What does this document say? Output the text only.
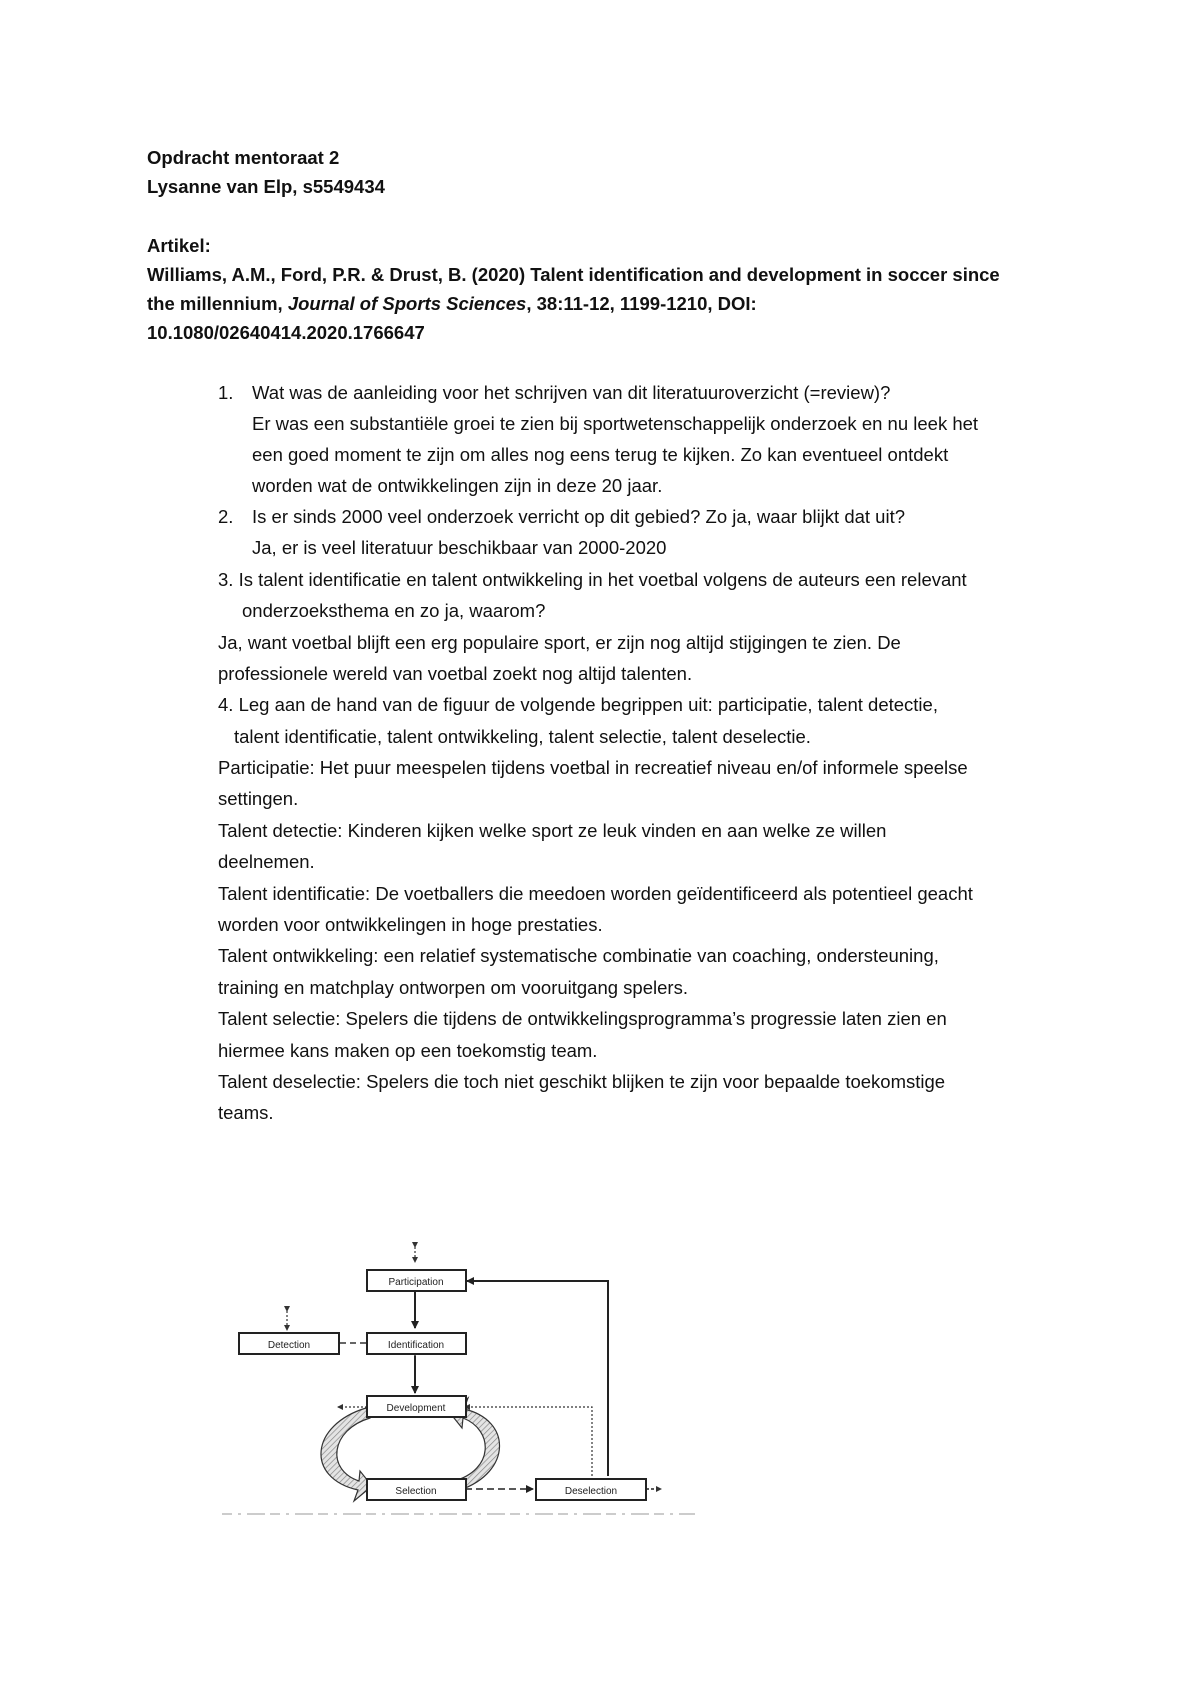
Opdracht mentoraat 2
Lysanne van Elp, s5549434
Artikel:
Williams, A.M., Ford, P.R. & Drust, B. (2020) Talent identification and development in soccer since
the millennium, Journal of Sports Sciences, 38:11-12, 1199-1210, DOI:
10.1080/02640414.2020.1766647
1. Wat was de aanleiding voor het schrijven van dit literatuuroverzicht (=review)?
Er was een substantiële groei te zien bij sportwetenschappelijk onderzoek en nu leek het
een goed moment te zijn om alles nog eens terug te kijken. Zo kan eventueel ontdekt
worden wat de ontwikkelingen zijn in deze 20 jaar.
2. Is er sinds 2000 veel onderzoek verricht op dit gebied? Zo ja, waar blijkt dat uit?
Ja, er is veel literatuur beschikbaar van 2000-2020
3. Is talent identificatie en talent ontwikkeling in het voetbal volgens de auteurs een relevant
onderzoeksthema en zo ja, waarom?
Ja, want voetbal blijft een erg populaire sport, er zijn nog altijd stijgingen te zien. De
professionele wereld van voetbal zoekt nog altijd talenten.
4. Leg aan de hand van de figuur de volgende begrippen uit: participatie, talent detectie,
talent identificatie, talent ontwikkeling, talent selectie, talent deselectie.
Participatie: Het puur meespelen tijdens voetbal in recreatief niveau en/of informele speelse
settingen.
Talent detectie: Kinderen kijken welke sport ze leuk vinden en aan welke ze willen
deelnemen.
Talent identificatie: De voetballers die meedoen worden geïdentificeerd als potentieel geacht
worden voor ontwikkelingen in hoge prestaties.
Talent ontwikkeling: een relatief systematische combinatie van coaching, ondersteuning,
training en matchplay ontworpen om vooruitgang spelers.
Talent selectie: Spelers die tijdens de ontwikkelingsprogramma’s progressie laten zien en
hiermee kans maken op een toekomstig team.
Talent deselectie: Spelers die toch niet geschikt blijken te zijn voor bepaalde toekomstige
teams.
Participation
Detection	Identification
Development
Selection	Deselection
